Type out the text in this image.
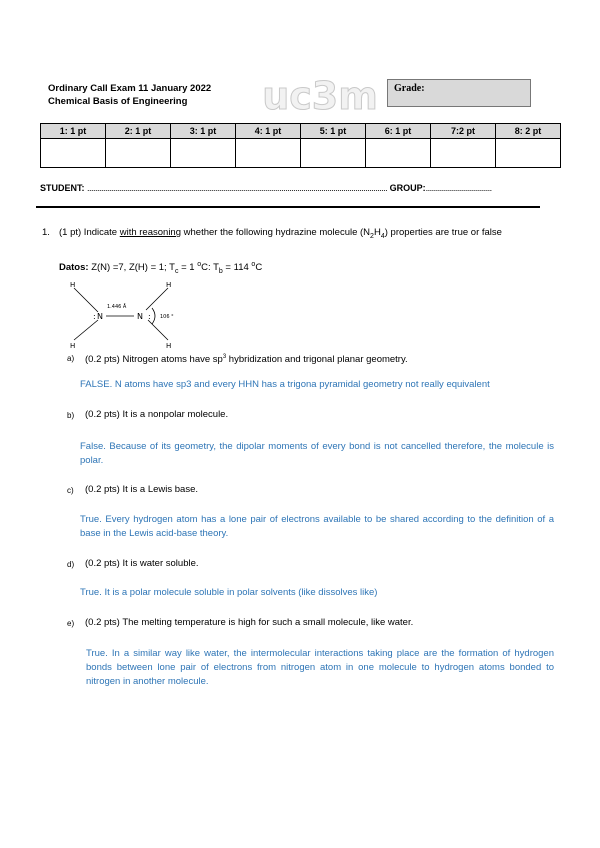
Ordinary Call Exam 11 January 2022
Chemical Basis of Engineering	uc3m Grade:
1: 1 pt	2: 1 pt	3: 1 pt	4: 1 pt	5: 1 pt	6: 1 pt	7:2 pt	8: 2 pt

STUDENT: ...................................................................................................................................................... GROUP:.................................
1. (1 pt) Indicate with reasoning whether the following hydrazine molecule $(N_2H_4)$ properties are true or false
Datos: Z(N) =7, Z(H) = 1; $T_c = 1$ $^o$C: $T_b = 114$ $^o$C
H	H
H	H
N	N
:	:
1.446 Å
106 °
a) (0.2 pts) Nitrogen atoms have $sp^3$ hybridization and trigonal planar geometry.
FALSE. N atoms have sp3 and every HHN has a trigona pyramidal geometry not really equivalent
b) (0.2 pts) It is a nonpolar molecule.
False. Because of its geometry, the dipolar moments of every bond is not cancelled therefore, the molecule is polar.
c) (0.2 pts) It is a Lewis base.
True. Every hydrogen atom has a lone pair of electrons available to be shared according to the definition of a base in the Lewis acid-base theory.
d) (0.2 pts) It is water soluble.
True. It is a polar molecule soluble in polar solvents (like dissolves like)
e) (0.2 pts) The melting temperature is high for such a small molecule, like water.
True. In a similar way like water, the intermolecular interactions taking place are the formation of hydrogen bonds between lone pair of electrons from nitrogen atom in one molecule to hydrogen atoms bonded to nitrogen in another molecule.
